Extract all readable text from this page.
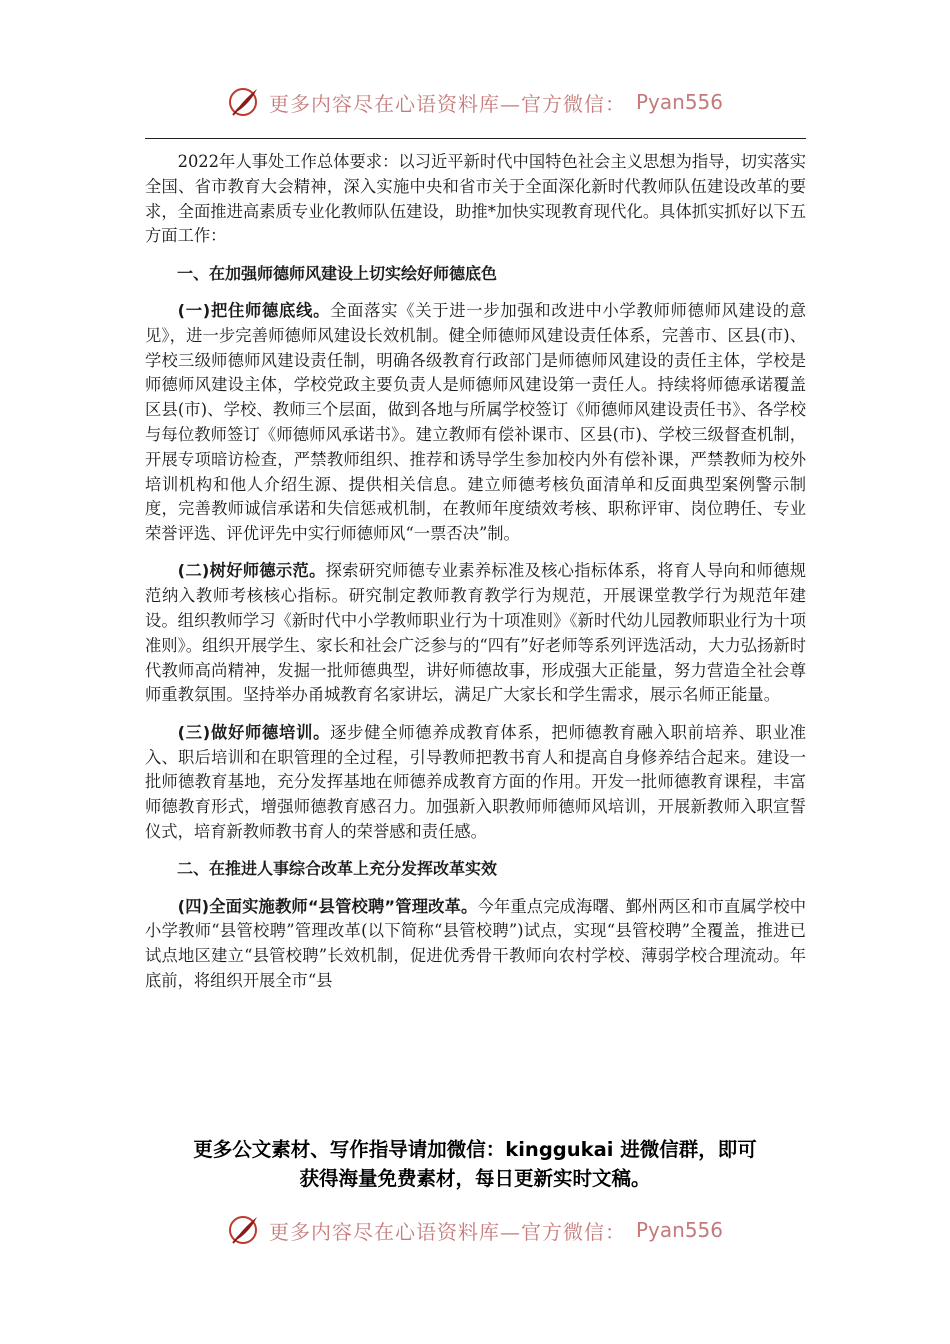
更多内容尽在心语资料库—官方微信： Pyan556

2022年人事处工作总体要求：以习近平新时代中国特色社会主义思想为指导，切实落实全国、省市教育大会精神，深入实施中央和省市关于全面深化新时代教师队伍建设改革的要求，全面推进高素质专业化教师队伍建设，助推*加快实现教育现代化。具体抓实抓好以下五方面工作：

一、在加强师德师风建设上切实绘好师德底色

(一)把住师德底线。全面落实《关于进一步加强和改进中小学教师师德师风建设的意见》，进一步完善师德师风建设长效机制。健全师德师风建设责任体系，完善市、区县(市)、学校三级师德师风建设责任制，明确各级教育行政部门是师德师风建设的责任主体，学校是师德师风建设主体，学校党政主要负责人是师德师风建设第一责任人。持续将师德承诺覆盖区县(市)、学校、教师三个层面，做到各地与所属学校签订《师德师风建设责任书》、各学校与每位教师签订《师德师风承诺书》。建立教师有偿补课市、区县(市)、学校三级督查机制，开展专项暗访检查，严禁教师组织、推荐和诱导学生参加校内外有偿补课，严禁教师为校外培训机构和他人介绍生源、提供相关信息。建立师德考核负面清单和反面典型案例警示制度，完善教师诚信承诺和失信惩戒机制，在教师年度绩效考核、职称评审、岗位聘任、专业荣誉评选、评优评先中实行师德师风“一票否决”制。

(二)树好师德示范。探索研究师德专业素养标准及核心指标体系，将育人导向和师德规范纳入教师考核核心指标。研究制定教师教育教学行为规范，开展课堂教学行为规范年建设。组织教师学习《新时代中小学教师职业行为十项准则》《新时代幼儿园教师职业行为十项准则》。组织开展学生、家长和社会广泛参与的“四有”好老师等系列评选活动，大力弘扬新时代教师高尚精神，发掘一批师德典型，讲好师德故事，形成强大正能量，努力营造全社会尊师重教氛围。坚持举办甬城教育名家讲坛，满足广大家长和学生需求，展示名师正能量。

(三)做好师德培训。逐步健全师德养成教育体系，把师德教育融入职前培养、职业准入、职后培训和在职管理的全过程，引导教师把教书育人和提高自身修养结合起来。建设一批师德教育基地，充分发挥基地在师德养成教育方面的作用。开发一批师德教育课程，丰富师德教育形式，增强师德教育感召力。加强新入职教师师德师风培训，开展新教师入职宣誓仪式，培育新教师教书育人的荣誉感和责任感。

二、在推进人事综合改革上充分发挥改革实效

(四)全面实施教师“县管校聘”管理改革。今年重点完成海曙、鄞州两区和市直属学校中小学教师“县管校聘”管理改革(以下简称“县管校聘”)试点，实现“县管校聘”全覆盖，推进已试点地区建立“县管校聘”长效机制，促进优秀骨干教师向农村学校、薄弱学校合理流动。年底前，将组织开展全市“县

更多公文素材、写作指导请加微信：kinggukai 进微信群，即可
获得海量免费素材，每日更新实时文稿。
更多内容尽在心语资料库—官方微信： Pyan556
